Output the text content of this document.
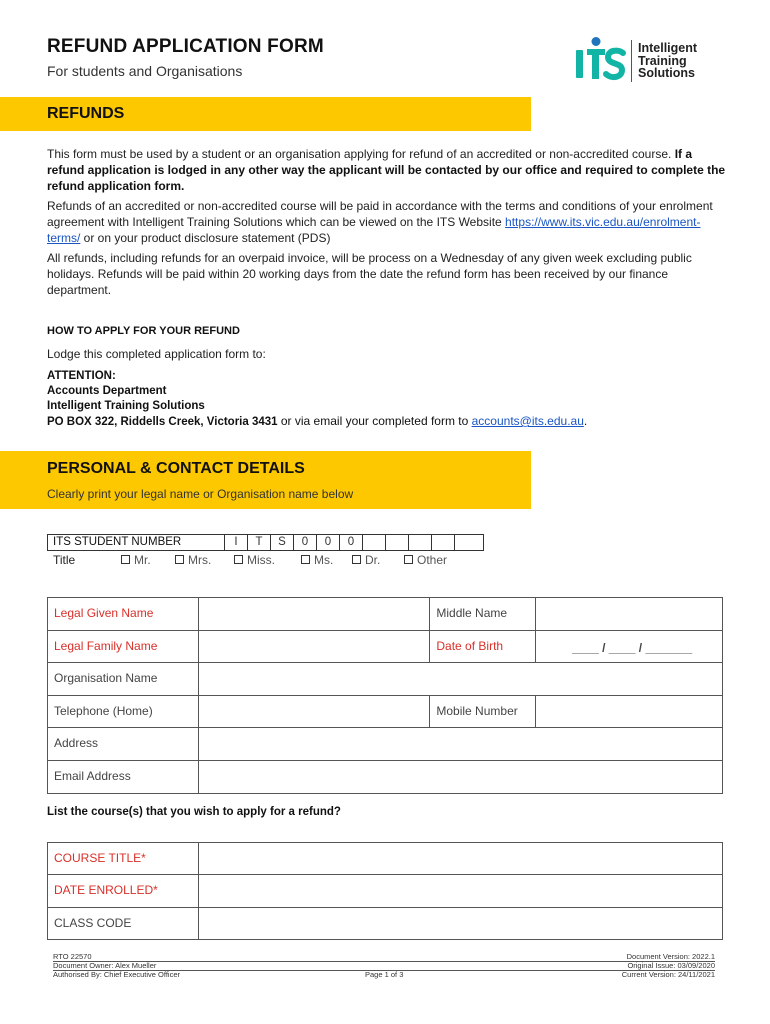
REFUND APPLICATION FORM
For students and Organisations
Intelligent
Training
Solutions
REFUNDS
This form must be used by a student or an organisation applying for refund of an accredited or non-accredited course. If a refund application is lodged in any other way the applicant will be contacted by our office and required to complete the refund application form.
Refunds of an accredited or non-accredited course will be paid in accordance with the terms and conditions of your enrolment agreement with Intelligent Training Solutions which can be viewed on the ITS Website https://www.its.vic.edu.au/enrolment-terms/ or on your product disclosure statement (PDS)
All refunds, including refunds for an overpaid invoice, will be process on a Wednesday of any given week excluding public holidays. Refunds will be paid within 20 working days from the date the refund form has been received by our finance department.
HOW TO APPLY FOR YOUR REFUND
Lodge this completed application form to:
ATTENTION:
Accounts Department
Intelligent Training Solutions
PO BOX 322, Riddells Creek, Victoria 3431 or via email your completed form to accounts@its.edu.au.
PERSONAL & CONTACT DETAILS
Clearly print your legal name or Organisation name below
ITS STUDENT NUMBER	I	T	S	0	0	0
Title	Mr.	Mrs.	Miss.	Ms.	Dr.	Other
Legal Given Name		Middle Name	
Legal Family Name		Date of Birth	____ / ____ / _______
Organisation Name			
Telephone (Home)		Mobile Number	
Address			
Email Address			
List the course(s) that you wish to apply for a refund?
COURSE TITLE*	
DATE ENROLLED*	
CLASS CODE	
RTO 22570	Document Version: 2022.1
Document Owner: Alex Mueller	Original Issue: 03/09/2020
Authorised By: Chief Executive Officer	Current Version: 24/11/2021
Page 1 of 3
